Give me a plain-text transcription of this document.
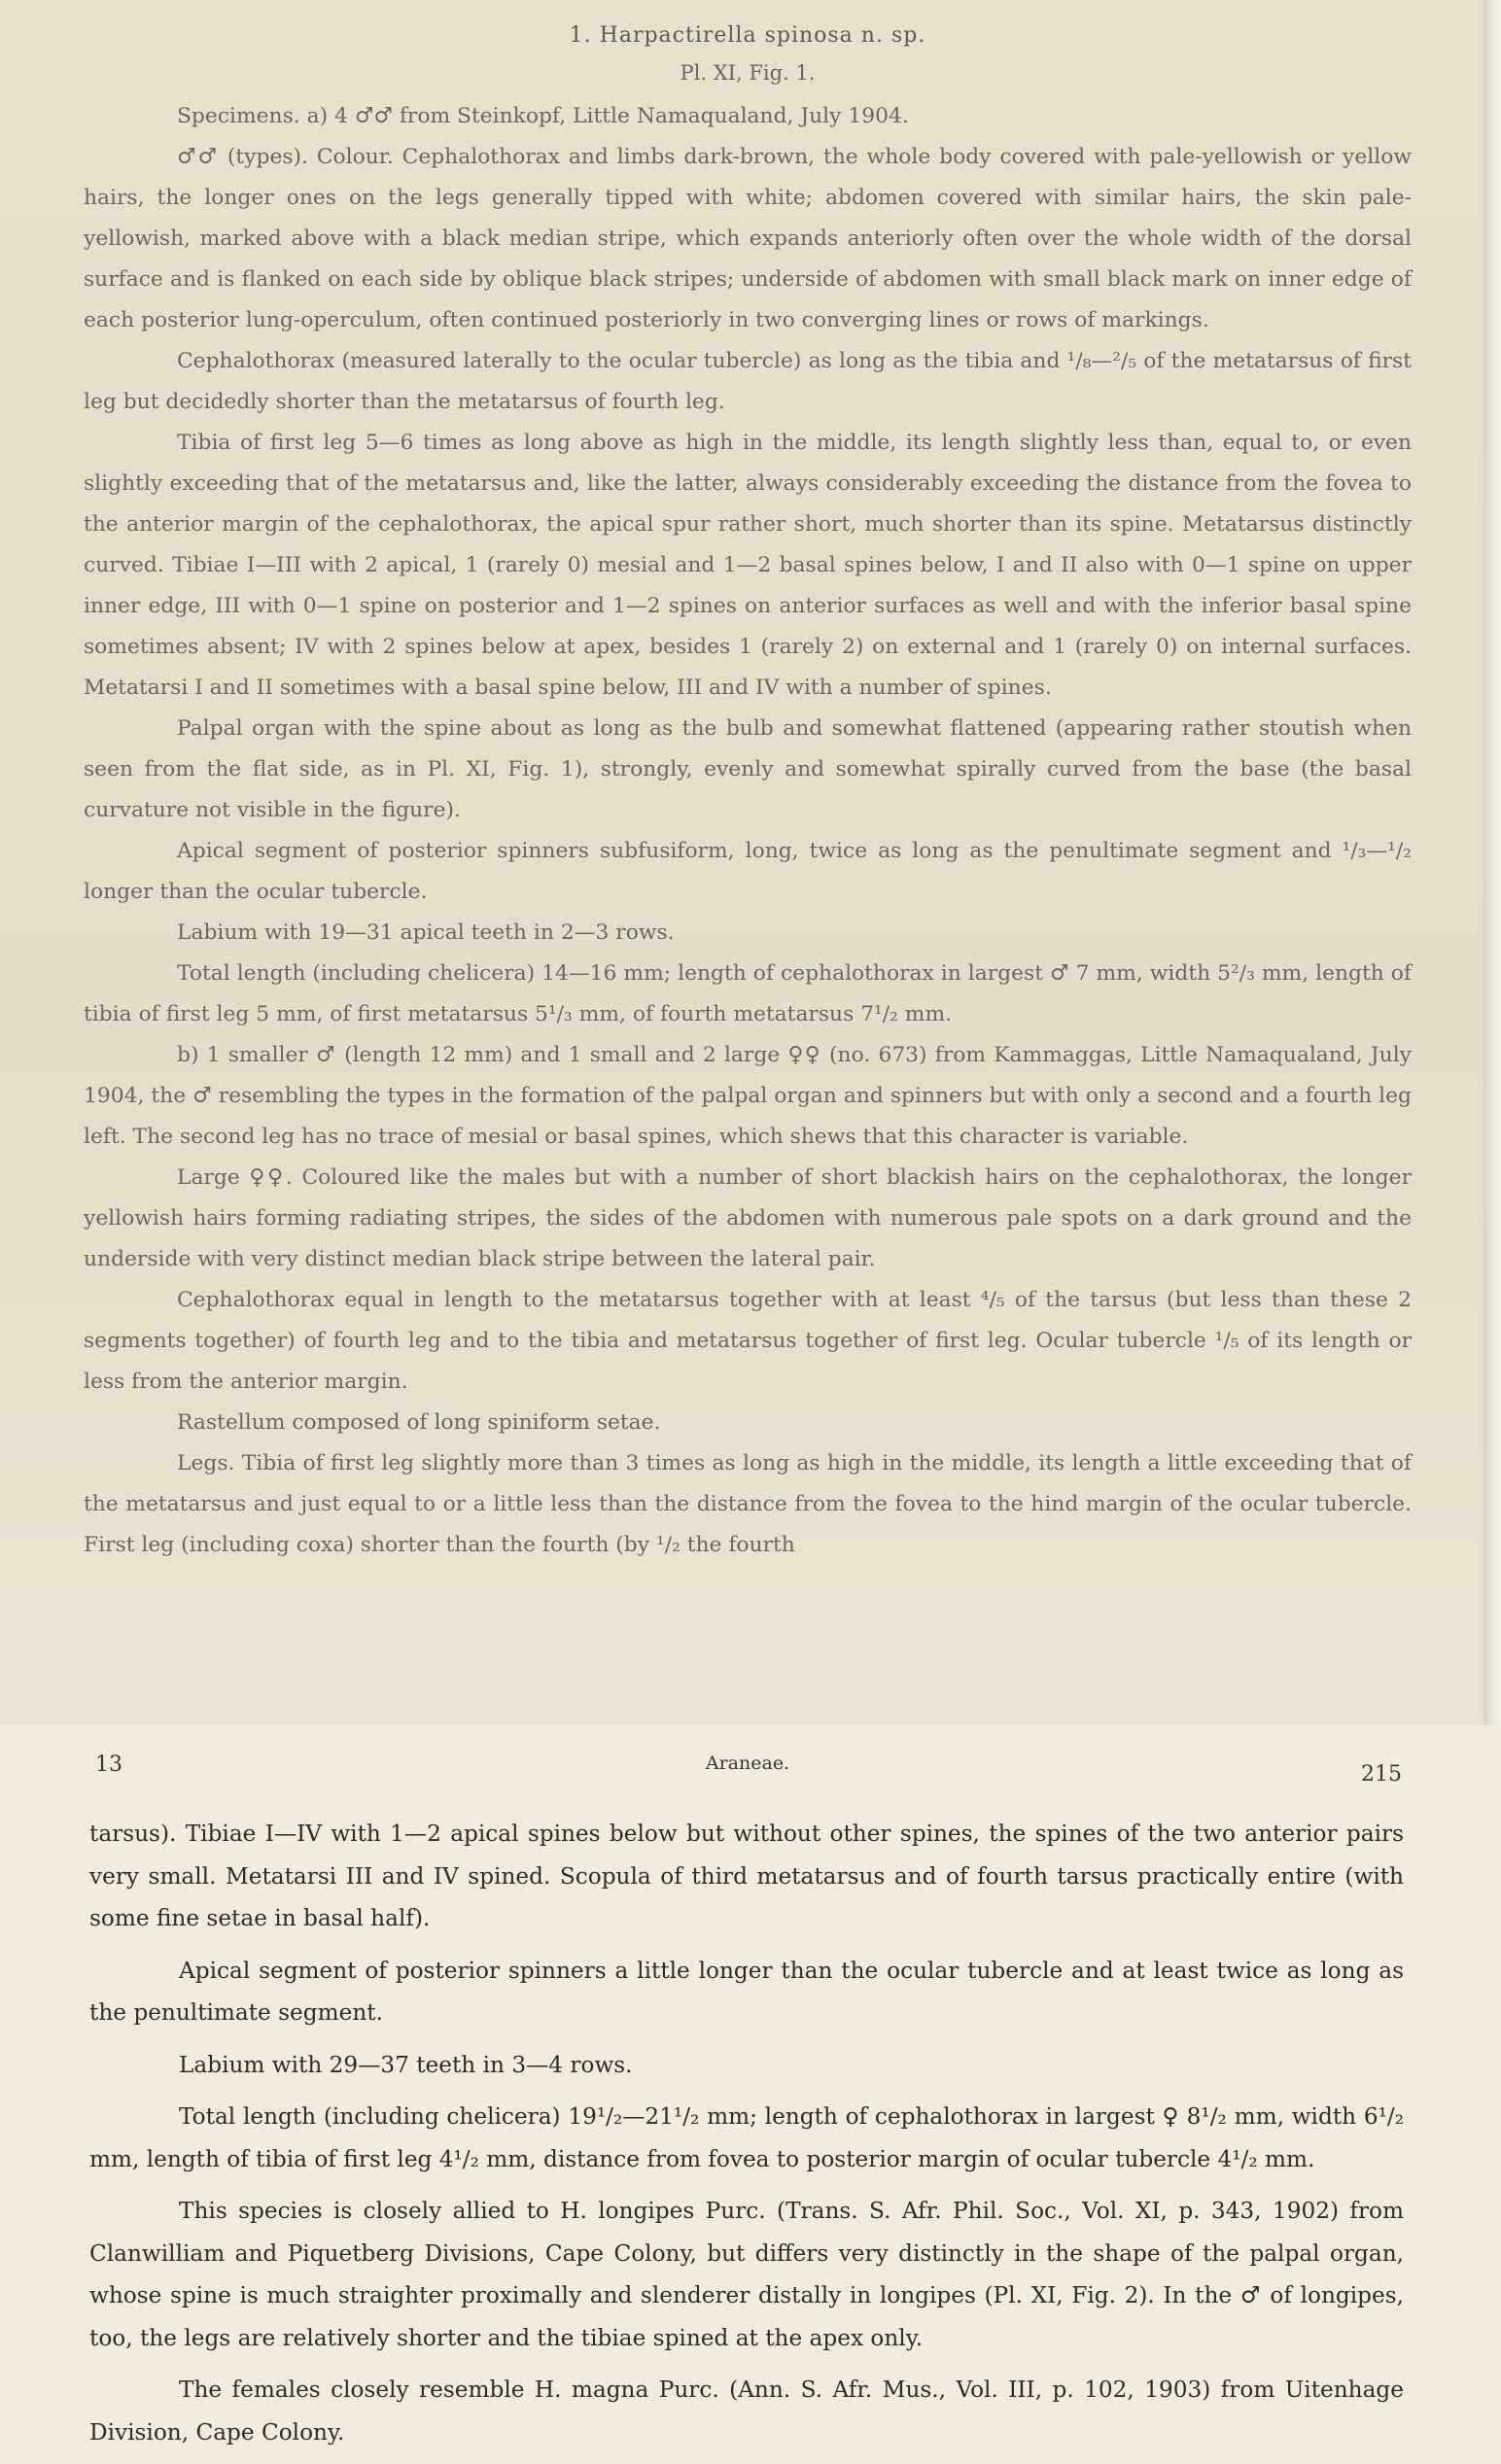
1. Harpactirella spinosa n. sp.
Pl. XI, Fig. 1.

Specimens. a) 4 ♂♂ from Steinkopf, Little Namaqualand, July 1904.

♂♂ (types). Colour. Cephalothorax and limbs dark-brown, the whole body covered with pale-yellowish or yellow hairs, the longer ones on the legs generally tipped with white; abdomen covered with similar hairs, the skin pale-yellowish, marked above with a black median stripe, which expands anteriorly often over the whole width of the dorsal surface and is flanked on each side by oblique black stripes; underside of abdomen with small black mark on inner edge of each posterior lung-operculum, often continued posteriorly in two converging lines or rows of markings.

Cephalothorax (measured laterally to the ocular tubercle) as long as the tibia and ¹/₈—²/₅ of the metatarsus of first leg but decidedly shorter than the metatarsus of fourth leg.

Tibia of first leg 5—6 times as long above as high in the middle, its length slightly less than, equal to, or even slightly exceeding that of the metatarsus and, like the latter, always considerably exceeding the distance from the fovea to the anterior margin of the cephalothorax, the apical spur rather short, much shorter than its spine. Metatarsus distinctly curved. Tibiae I—III with 2 apical, 1 (rarely 0) mesial and 1—2 basal spines below, I and II also with 0—1 spine on upper inner edge, III with 0—1 spine on posterior and 1—2 spines on anterior surfaces as well and with the inferior basal spine sometimes absent; IV with 2 spines below at apex, besides 1 (rarely 2) on external and 1 (rarely 0) on internal surfaces. Metatarsi I and II sometimes with a basal spine below, III and IV with a number of spines.

Palpal organ with the spine about as long as the bulb and somewhat flattened (appearing rather stoutish when seen from the flat side, as in Pl. XI, Fig. 1), strongly, evenly and somewhat spirally curved from the base (the basal curvature not visible in the figure).

Apical segment of posterior spinners subfusiform, long, twice as long as the penultimate segment and ¹/₃—¹/₂ longer than the ocular tubercle.

Labium with 19—31 apical teeth in 2—3 rows.

Total length (including chelicera) 14—16 mm; length of cephalothorax in largest ♂ 7 mm, width 5²/₃ mm, length of tibia of first leg 5 mm, of first metatarsus 5¹/₃ mm, of fourth metatarsus 7¹/₂ mm.

b) 1 smaller ♂ (length 12 mm) and 1 small and 2 large ♀♀ (no. 673) from Kammaggas, Little Namaqualand, July 1904, the ♂ resembling the types in the formation of the palpal organ and spinners but with only a second and a fourth leg left. The second leg has no trace of mesial or basal spines, which shews that this character is variable.

Large ♀♀. Coloured like the males but with a number of short blackish hairs on the cephalothorax, the longer yellowish hairs forming radiating stripes, the sides of the abdomen with numerous pale spots on a dark ground and the underside with very distinct median black stripe between the lateral pair.

Cephalothorax equal in length to the metatarsus together with at least ⁴/₅ of the tarsus (but less than these 2 segments together) of fourth leg and to the tibia and metatarsus together of first leg. Ocular tubercle ¹/₅ of its length or less from the anterior margin.

Rastellum composed of long spiniform setae.

Legs. Tibia of first leg slightly more than 3 times as long as high in the middle, its length a little exceeding that of the metatarsus and just equal to or a little less than the distance from the fovea to the hind margin of the ocular tubercle. First leg (including coxa) shorter than the fourth (by ¹/₂ the fourth

13	Araneae.	215

tarsus). Tibiae I—IV with 1—2 apical spines below but without other spines, the spines of the two anterior pairs very small. Metatarsi III and IV spined. Scopula of third metatarsus and of fourth tarsus practically entire (with some fine setae in basal half).

Apical segment of posterior spinners a little longer than the ocular tubercle and at least twice as long as the penultimate segment.

Labium with 29—37 teeth in 3—4 rows.

Total length (including chelicera) 19¹/₂—21¹/₂ mm; length of cephalothorax in largest ♀ 8¹/₂ mm, width 6¹/₂ mm, length of tibia of first leg 4¹/₂ mm, distance from fovea to posterior margin of ocular tubercle 4¹/₂ mm.

This species is closely allied to H. longipes Purc. (Trans. S. Afr. Phil. Soc., Vol. XI, p. 343, 1902) from Clanwilliam and Piquetberg Divisions, Cape Colony, but differs very distinctly in the shape of the palpal organ, whose spine is much straighter proximally and slenderer distally in longipes (Pl. XI, Fig. 2). In the ♂ of longipes, too, the legs are relatively shorter and the tibiae spined at the apex only.

The females closely resemble H. magna Purc. (Ann. S. Afr. Mus., Vol. III, p. 102, 1903) from Uitenhage Division, Cape Colony.
